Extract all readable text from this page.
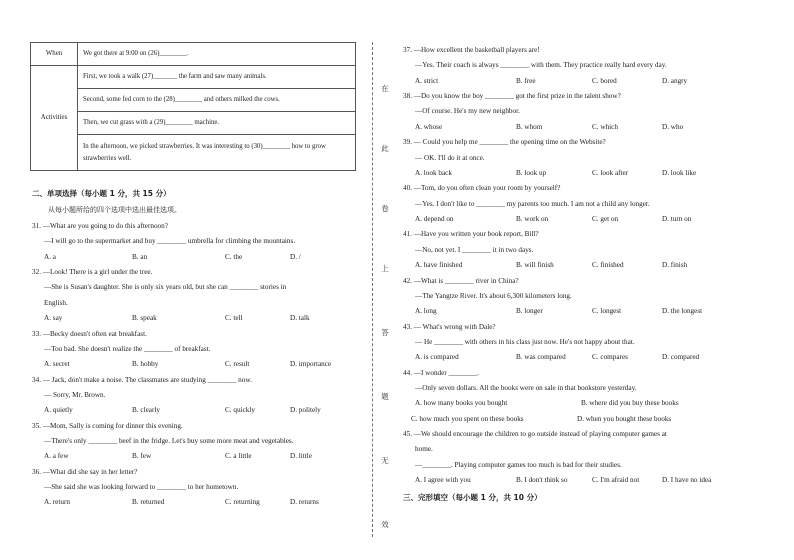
When	We got there at 9:00 on (26)________.
Activities	First, we took a walk (27)_______ the farm and saw many animals.
	Second, some fed corn to the (28)________ and others milked the cows.
	Then, we cut grass with a (29)________ machine.
	In the afternoon, we picked strawberries. It was interesting to (30)________ how to grow strawberries well.
二、单项选择（每小题 1 分，共 15 分）
从每小题所给的四个选项中选出最佳选项。
31. —What are you going to do this afternoon?
—I will go to the supermarket and buy ________ umbrella for climbing the mountains.
A. a	B. an	C. the	D. /
32. —Look! There is a girl under the tree.
—She is Susan's daughter. She is only six years old, but she can ________ stories in
English.
A. say	B. speak	C. tell	D. talk
33. —Becky doesn't often eat breakfast.
—Too bad. She doesn't realize the ________ of breakfast.
A. secret	B. hobby	C. result	D. importance
34. — Jack, don't make a noise. The classmates are studying ________ now.
— Sorry, Mr. Brown.
A. quietly	B. clearly	C. quickly	D. politely
35. —Mom, Sally is coming for dinner this evening.
—There's only ________ beef in the fridge. Let's buy some more meat and vegetables.
A. a few	B. few	C. a little	D. little
36. —What did she say in her letter?
—She said she was looking forward to ________ to her hometown.
A. return	B. returned	C. returning	D. returns
37. —How excellent the basketball players are!
—Yes. Their coach is always ________ with them. They practice really hard every day.
A. strict	B. free	C. bored	D. angry
38. —Do you know the boy ________ got the first prize in the talent show?
—Of course. He's my new neighbor.
A. whose	B. whom	C. which	D. who
39. — Could you help me ________ the opening time on the Website?
— OK. I'll do it at once.
A. look back	B. look up	C. look after	D. look like
40. —Tom, do you often clean your room by yourself?
—Yes. I don't like to ________ my parents too much. I am not a child any longer.
A. depend on	B. work on	C. get on	D. turn on
41. —Have you written your book report, Bill?
—No, not yet. I ________ it in two days.
A. have finished	B. will finish	C. finished	D. finish
42. —What is ________ river in China?
—The Yangtze River. It's about 6,300 kilometers long.
A. long	B. longer	C. longest	D. the longest
43. — What's wrong with Dale?
— He ________ with others in his class just now. He's not happy about that.
A. is compared	B. was compared	C. compares	D. compared
44. —I wonder ________.
—Only seven dollars. All the books were on sale in that bookstore yesterday.
A. how many books you bought	B. where did you buy these books
C. how much you spent on these books	D. when you bought these books
45. —We should encourage the children to go outside instead of playing computer games at
home.
—________. Playing computer games too much is bad for their studies.
A. I agree with you	B. I don't think so	C. I'm afraid not	D. I have no idea
三、完形填空（每小题 1 分，共 10 分）
在
此
卷
上
答
题
无
效
